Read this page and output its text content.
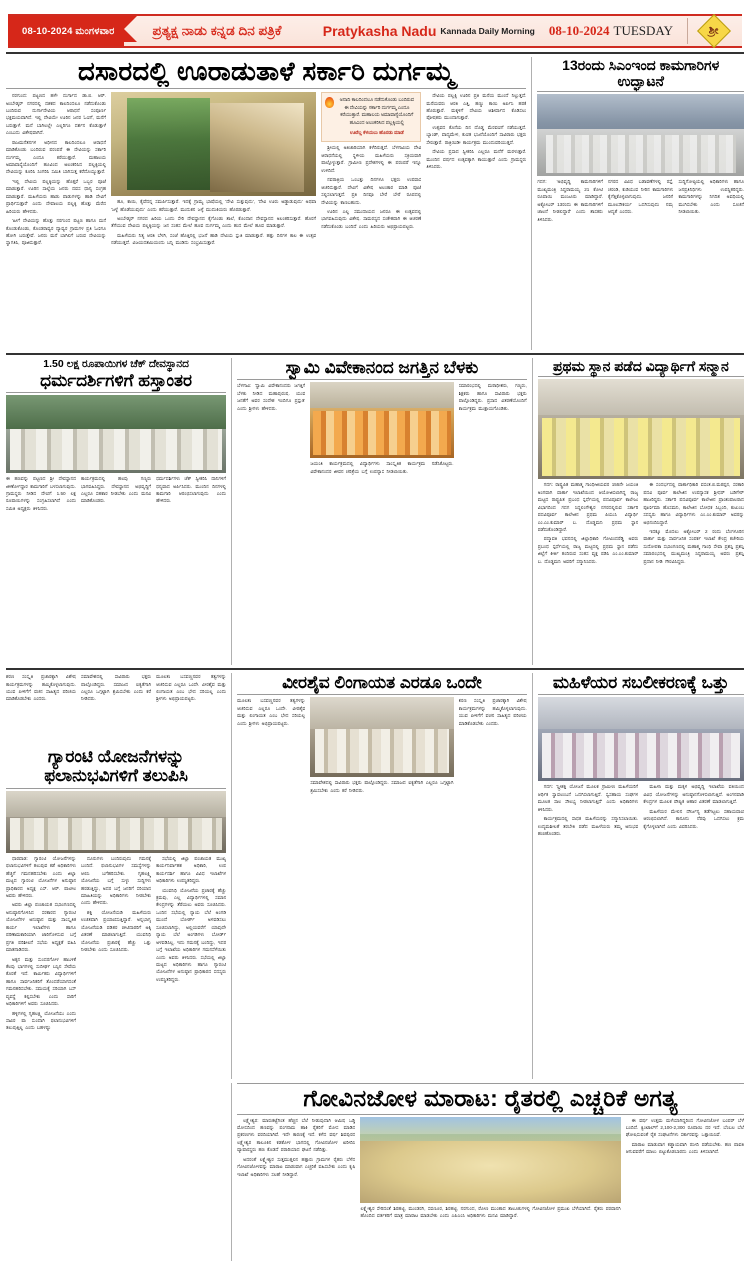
08-10-2024 ಮಂಗಳವಾರ	ಪ್ರತ್ಯಕ್ಷ ನಾಡು ಕನ್ನಡ ದಿನ ಪತ್ರಿಕೆ	Pratykasha Nadu Kannada Daily Morning 08-10-2024 TUESDAY	ಶ್ರೀ
ದಸಾರದಲ್ಲಿ ಊರಾಡುತಾಳೆ ಸರ್ಕಾರಿ ದುರ್ಗಮ್ಮ

ನರಗುಂದ: ಪಟ್ಟಣದ ಹಳೇ ದುರ್ಗಾದ ಡಾ.ಬಿ. ಆರ್. ಅಂಬೇಡ್ಕರ್ ನಗರದಲ್ಲಿ ದಶಕದ ಕಾಲದಿಂದಲೂ ನಡೆದುಕೊಂಡು ಬಂದಿರುವ ದುರ್ಗಾದೇವಿಯ ಆರಾಧನೆ ಸಂಪೂರ್ಣ ಭಕ್ತಿಮಯವಾಗಿದೆ. ಇಲ್ಲಿ ದೇವಿಯೇ ಊರಿನ ಜನರ ಓಣಿಗೆ, ಮನೆಗೆ ಬರುತ್ತಾಳೆ. ಮನೆ ಬಾಗಿಲಲ್ಲೇ ಎಲ್ಲರಿಗೂ ದರ್ಶನ ಕೊಡುತ್ತಾಳೆ ಎಂಬುದು ವಿಶೇಷವಾಗಿದೆ.

ರಾಜಮನೆತನಗಳ ಅಧೀನದ ಕಾಲದಿಂದಲೂ ಆರಾಧನೆ ಮಾಡಿಕೊಂಡು ಬಂದಿರುವ ಪರಂಪರೆ ಈ ದೇವಿಯನ್ನು ಸರ್ಕಾರಿ ದುರ್ಗಮ್ಮ ಎಂದೂ ಕರೆಯುತ್ತಾರೆ. ಮಹಾಲಯ ಅಮಾವಾಸ್ಯೆಯೊಂದಿಗೆ ಹೂವಿಂದ ಅಲಂಕರಿಸಿದ ಪಲ್ಲಕ್ಕಿಯಲ್ಲಿ ದೇವಿಯನ್ನು ಕೂರಿಸಿ ಸಿಂಗರಿಸಿ ಸಮಿತಿ ಬಾಗಿಸುತ್ತ ಕರೆದೊಯ್ಯುತ್ತಾರೆ.

'ಇಲ್ಲಿ ದೇವಿಯ ಪಲ್ಲಕ್ಕಿಯನ್ನು ಹೊತ್ತರೆ ಒಬ್ಬರ ಪೂಜೆ ಮಾಡುತ್ತಾರೆ. ಊರಿನ ಸಾಲ್ಲೆಯ ಜನರು ದವಸ ಧಾನ್ಯ ಸಂಗ್ರಹ ಮಾಡುತ್ತಾರೆ. ಮಹಿಳೆಯರು ಹಾಡು ಪಾಡುಗಳನ್ನು ಹಾಡಿ ದೇವಿಗೆ ಪ್ರಾರ್ಥಿಸುತ್ತಾರೆ' ಎಂದು ದೇವಾಲಯ ಪಲ್ಲಕ್ಕಿ ಹೊತ್ತು ಮೆರೆದ ಹಿರಿಯರು ಹೇಳಿದರು.

'ಹೀಗೆ ದೇವಿಯನ್ನು ಹೊತ್ತು ನರಗುಂದ ಪಟ್ಟಣ ಹಾಗೂ ಮನೆ ಕೊಂಡುಕೊಂಡು, ಕೊಂಡರಾವ್ವರ ದ್ಯಾವ್ವರ ಗ್ರಾಮಗಳ ಪ್ರತಿ ಓಣಿಗೂ ಹೋಗಿ ಬರುತ್ತೇವೆ. ಜನರು ಮನೆ ಬಾಗಿಲಿಗೆ ಬರುವ ದೇವಿಯನ್ನು ಸ್ವಾಗತಿಸಿ, ಪೂಜಿಸುತ್ತಾರೆ.

ಹೂ, ಕಾಯಿ, ಕೈವೆದನ್ನ ಸಮರ್ಪಿಸುತ್ತಾರೆ. ಇದಕ್ಕೆ ಗ್ರಾಮ್ಯ ಭಾಷೆಯಲ್ಲಿ 'ದೇವಿ ಸುತ್ತುವುದು', 'ದೇವಿ ಊರು ಅಡ್ಡಾಡುವುದು' ಅಥವಾ 'ಜಳ್ಳೆ ಹೊಡೆಯುವುದು' ಎಂದು ಕರೆಯುತ್ತಾರೆ. ಮುದುಕನ ಜಳ್ಳೆ ಮುದುಕಿಯರು ಹೊರಡುತ್ತಾರೆ.

ಅಂಬೇಡ್ಕರ್ ನಗರದ ಹಿರಿಯ ಒಂದು ಸೇರಿ ದೇವಸ್ಥಾನದ ಕೈಗೊಂಡು ಶಾಲೆ, ಕೊಂದಾನ ದೇವಸ್ಥಾನದ ಅಲಂಕರಿಸುತ್ತಾರೆ. ಹೊರಗೆ ತೆಗೆಯುವ ದೇವಿಯ ಪಲ್ಲಕ್ಕಿಯನ್ನು ಜನ ಸಂತಸ ಮೇಲೆ ಹೂವ ದುರ್ಗಮ್ಮ ಎಂದು ಹುದ ಮೇಲೆ ಹೂವ ಮಾಡುತ್ತಾರೆ.

ಮಹಿಳೆಯರು ನಿತ್ಯ ಆರತಿ ಬೆಳಗಿ, ಸಂಜೆ ಹೊತ್ತಿನಲ್ಲಿ ಭಜನೆ ಹಾಡಿ ದೇವಿಯ ಸ್ತುತಿ ಮಾಡುತ್ತಾರೆ. ಹತ್ತು ದಿನಗಳ ಕಾಲ ಈ ಉತ್ಸವ ನಡೆಯುತ್ತದೆ. ವಿಜಯದಶಮಿಯಂದು ಬನ್ನಿ ಮುಡಿದು ಸಂಭ್ರಮಿಸುತ್ತಾರೆ.

ಅನಾದಿ ಕಾಲದಿಂದಲೂ ನಡೆದುಕೊಂಡು ಬಂದಿರುವ ಈ ದೇವಿಯನ್ನು ಸರ್ಕಾರಿ ದುರ್ಗಮ್ಮ ಎಂದೂ ಕರೆಯುತ್ತಾರೆ. ಮಹಾಲಯ ಅಮಾವಾಸ್ಯೆಯೊಂದಿಗೆ ಹೂವಿಂದ ಅಲಂಕರಿಸಿದ ಪಲ್ಲಕ್ಕಿಯಲ್ಲಿ
ಊರೆಲ್ಲ ಕೆಳಯಲು ಹೊರಡು ಮಾಡೆ

ಶ್ರೀಯಲ್ಲಿ ಅತಿಚಾರಿಯಾಗಿ ಕಳೆದಿರುತ್ತದೆ. ಬೆಳಗಾವಿಯ ದೇವಿ ಆರಾಧನೆಯಲ್ಲಿ ಸ್ಥಳೀಯ ಮಹಿಳೆಯರು ಸಕ್ರಿಯವಾಗಿ ಪಾಲ್ಗೊಳ್ಳುತ್ತಾರೆ. ಗ್ರಾಮೀಣ ಪ್ರದೇಶಗಳಲ್ಲಿ ಈ ಪರಂಪರೆ ಇನ್ನೂ ಉಳಿದಿದೆ.

ನವರಾತ್ರಿಯ ಒಂಬತ್ತು ದಿನಗಳೂ ಭಕ್ತರು ಉಪವಾಸ ಆಚರಿಸುತ್ತಾರೆ. ದೇವಿಗೆ ವಿಶೇಷ ಅಲಂಕಾರ ಮಾಡಿ ಪೂಜೆ ಸಲ್ಲಿಸಲಾಗುತ್ತದೆ. ಪ್ರತಿ ದಿನವೂ ಬೇರೆ ಬೇರೆ ರೂಪದಲ್ಲಿ ದೇವಿಯನ್ನು ಕಾಣಬಹುದು.

ಊರಿನ ಎಲ್ಲ ಸಮುದಾಯದ ಜನರೂ ಈ ಉತ್ಸವದಲ್ಲಿ ಭಾಗವಹಿಸುವುದು ವಿಶೇಷ. ಸಾಮರಸ್ಯದ ಸಂಕೇತವಾಗಿ ಈ ಆಚರಣೆ ನಡೆದುಕೊಂಡು ಬಂದಿದೆ ಎಂದು ಹಿರಿಯರು ಅಭಿಪ್ರಾಯಪಟ್ಟರು.

ದೇವಿಯ ಪಲ್ಲಕ್ಕಿ ಊರಿನ ಪ್ರತಿ ಮನೆಯ ಮುಂದೆ ನಿಲ್ಲುತ್ತದೆ. ಮನೆಯವರು ಆರತಿ ಎತ್ತಿ, ಹಣ್ಣು ಕಾಯಿ ಅರ್ಪಿಸಿ ಹರಕೆ ಹೊರುತ್ತಾರೆ. ಮಕ್ಕಳಿಗೆ ದೇವಿಯ ಆಶೀರ್ವಾದ ಕೊಡಿಸಲು ಪೋಷಕರು ಮುಂದಾಗುತ್ತಾರೆ.

ಉತ್ಸವದ ಕೊನೆಯ ದಿನ ದೊಡ್ಡ ಮೆರವಣಿಗೆ ನಡೆಯುತ್ತದೆ. ಬ್ಯಾಂಡ್, ವಾದ್ಯಮೇಳ, ಕುಣಿತ ಭಜನೆಯೊಂದಿಗೆ ಸಾವಿರಾರು ಭಕ್ತರು ಸೇರುತ್ತಾರೆ. ರಾತ್ರಿಯಿಡೀ ಕಾರ್ಯಕ್ರಮ ಮುಂದುವರಿಯುತ್ತದೆ.

ದೇವಿಯ ಪ್ರಸಾದ ಸ್ವೀಕರಿಸಿ ಎಲ್ಲರೂ ಮನೆಗೆ ಮರಳುತ್ತಾರೆ. ಮುಂದಿನ ವರ್ಷದ ಉತ್ಸವಕ್ಕಾಗಿ ಕಾಯುತ್ತಾರೆ ಎಂದು ಗ್ರಾಮಸ್ಥರು ತಿಳಿಸಿದರು.

13ರಂದು ಸಿಎಂಇಂದ ಕಾಮಗಾರಿಗಳ ಉದ್ಘಾಟನೆ
ಗದಗ: 'ಅಭಿವೃದ್ಧಿ ಕಾಮಗಾರಿಗಳಿಗೆ ಮುಖ್ಯಮಂತ್ರಿ ಸಿದ್ದರಾಮಯ್ಯ 21 ಕೋಟಿ ರೂಪಾಯಿ ಮಂಜೂರು ಮಾಡಿದ್ದಾರೆ. ಅಕ್ಟೋಬರ್ 13ರಂದು ಈ ಕಾಮಗಾರಿಗಳಿಗೆ ಚಾಲನೆ ನೀಡಲಿದ್ದಾರೆ' ಎಂದು ಶಾಸಕರು ತಿಳಿಸಿದರು.
ನಗರದ ವಿವಿಧ ಬಡಾವಣೆಗಳಲ್ಲಿ ರಸ್ತೆ, ಚರಂಡಿ, ಕುಡಿಯುವ ನೀರಿನ ಕಾಮಗಾರಿಗಳು ಕೈಗೆತ್ತಿಕೊಳ್ಳಲಾಗುವುದು. ಜನರಿಗೆ ಮೂಲಸೌಕರ್ಯ ಒದಗಿಸುವುದು ನಮ್ಮ ಆದ್ಯತೆ ಎಂದರು.
ಸುದ್ದಿಗೋಷ್ಠಿಯಲ್ಲಿ ಅಧಿಕಾರಿಗಳು ಹಾಗೂ ಜನಪ್ರತಿನಿಧಿಗಳು ಉಪಸ್ಥಿತರಿದ್ದರು. ಕಾಮಗಾರಿಗಳನ್ನು ನಿಗದಿತ ಅವಧಿಯಲ್ಲಿ ಮುಗಿಸಬೇಕು ಎಂದು ಸೂಚನೆ ನೀಡಲಾಯಿತು.
1.50 ಲಕ್ಷ ರೂಪಾಯಿಗಳ ಚೆಕ್ ದೇವಸ್ಥಾನದ
ಧರ್ಮದರ್ಶಿಗಳಿಗೆ ಹಸ್ತಾಂತರ
ಈ ಹಣವನ್ನು ಪಟ್ಟಣದ ಶ್ರೀ ದೇವಸ್ಥಾನದ ಜೀರ್ಣೋದ್ಧಾರ ಕಾಮಗಾರಿಗೆ ಬಳಸಲಾಗುವುದು. ಗ್ರಾಮಸ್ಥರು ನೀಡಿದ ದೇಣಿಗೆ 1.50 ಲಕ್ಷ ರೂಪಾಯಿಗಳನ್ನು ಸಂಗ್ರಹಿಸಲಾಗಿದೆ ಎಂದು ಸಮಿತಿ ಅಧ್ಯಕ್ಷರು ತಿಳಿಸಿದರು.
ಕಾರ್ಯಕ್ರಮದಲ್ಲಿ ಹಲವು ಗಣ್ಯರು ಭಾಗವಹಿಸಿದ್ದರು. ದೇವಸ್ಥಾನದ ಅಭಿವೃದ್ಧಿಗೆ ಎಲ್ಲರೂ ಸಹಕಾರ ನೀಡಬೇಕು ಎಂದು ಮನವಿ ಮಾಡಿಕೊಂಡರು.
ಧರ್ಮದರ್ಶಿಗಳು ಚೆಕ್ ಸ್ವೀಕರಿಸಿ ದಾನಿಗಳಿಗೆ ಧನ್ಯವಾದ ಅರ್ಪಿಸಿದರು. ಮುಂದಿನ ದಿನಗಳಲ್ಲಿ ಕಾಮಗಾರಿ ಆರಂಭಿಸಲಾಗುವುದು ಎಂದು ಹೇಳಿದರು.
ಸ್ವಾಮಿ ವಿವೇಕಾನಂದ ಜಗತ್ತಿನ ಬೆಳಕು
ಬೆಳಗಾವಿ: 'ಸ್ವಾಮಿ ವಿವೇಕಾನಂದರು ಜಗತ್ತಿಗೆ ಬೆಳಕು ನೀಡಿದ ಮಹಾಪುರುಷ. ಯುವ ಜನತೆಗೆ ಅವರ ಸಂದೇಶ ಇಂದಿಗೂ ಪ್ರಸ್ತುತ' ಎಂದು ಶ್ರೀಗಳು ಹೇಳಿದರು.
ಜಯಂತಿ ಕಾರ್ಯಕ್ರಮದಲ್ಲಿ ವಿದ್ಯಾರ್ಥಿಗಳು ಸಾಂಸ್ಕೃತಿಕ ಕಾರ್ಯಕ್ರಮ ನಡೆಸಿಕೊಟ್ಟರು. ವಿವೇಕಾನಂದರ ಜೀವನ ಚರಿತ್ರೆಯ ಬಗ್ಗೆ ಉಪನ್ಯಾಸ ನೀಡಲಾಯಿತು.
ಸಮಾರಂಭದಲ್ಲಿ ಮಠಾಧೀಶರು, ಗಣ್ಯರು, ಶಿಕ್ಷಕರು ಹಾಗೂ ಸಾವಿರಾರು ಭಕ್ತರು ಪಾಲ್ಗೊಂಡಿದ್ದರು. ಪ್ರಸಾದ ವಿತರಣೆಯೊಂದಿಗೆ ಕಾರ್ಯಕ್ರಮ ಮುಕ್ತಾಯಗೊಂಡಿತು.
ಪ್ರಥಮ ಸ್ಥಾನ ಪಡೆದ ವಿದ್ಯಾರ್ಥಿಗೆ ಸನ್ಮಾನ

ಗದಗ: ರಾಷ್ಟ್ರಪಿತ ಮಹಾತ್ಮ ಗಾಂಧೀಜಿಯವರ 155ನೇ ಜಯಂತಿ ಅಂಗವಾಗಿ ವಾರ್ತಾ ಇಲಾಖೆಯಿಂದ ಆಯೋಜಿಸಲಾಗಿದ್ದ ರಾಜ್ಯ ಮಟ್ಟದ ರಾಷ್ಟ್ರಪಿತ ಪ್ರಬಂಧ ಸ್ಪರ್ಧೆಯಲ್ಲಿ ಪದವಿಪೂರ್ವ ಕಾಲೇಜು ವಿಭಾಗದಿಂದ ಗದಗ ಸಿದ್ದಲಿಂಗೇಶ್ವರ ನಗರದಲ್ಲಿರುವ ಸರ್ಕಾರಿ ಪದವಿಪೂರ್ವ ಕಾಲೇಜಿನ ಪ್ರಥಮ ಪಿಯುಸಿ ವಿದ್ಯಾರ್ಥಿ ಎಂ.ಎಂ.ಕುಮಾರ್ ಬ. ದೊಡ್ಡಮನಿ ಪ್ರಥಮ ಸ್ಥಾನ ಪಡೆದುಕೊಂಡಿದ್ದಾರೆ.

ಪದ್ಮಾವತಿ ಭವನದಲ್ಲಿ ಜಿಲ್ಲಾಧಿಕಾರಿ ಗೋವಿಂದರೆಡ್ಡಿ ಅವರು ಪ್ರಬಂಧ ಸ್ಪರ್ಧೆಯಲ್ಲಿ ರಾಜ್ಯ ಮಟ್ಟದಲ್ಲಿ ಪ್ರಥಮ ಸ್ಥಾನ ಪಡೆದು ಜಿಲ್ಲೆಗೆ ಕೀರ್ತಿ ತಂದಿರುವ ಸಂತಸ ವ್ಯಕ್ತ ಪಡಿಸಿ ಎಂ.ಎಂ.ಕುಮಾರ್ ಬ. ದೊಡ್ಡಮನಿ ಅವರಿಗೆ ಸನ್ಮಾನಿಸಿದರು.

ಈ ಸಂದರ್ಭದಲ್ಲಿ ವಾರ್ತಾಧಿಕಾರಿ ವಸಂತ.ಬಿ.ಮಠಪ್ಪನ, ಸರಕಾರಿ ಪದವಿ ಪೂರ್ವ ಕಾಲೇಜಿನ ಉಪನ್ಯಾಸಕ ಶ್ರೀಧರ್ ಬಡಿಗೇರ್ ಹಾಜರಿದ್ದರು. ಸರ್ಕಾರಿ ಪದವಿಪೂರ್ವ ಕಾಲೇಜಿನ ಪ್ರಾಂಶುಪಾಲರಾದ ಪೂರ್ಣಿಮಾ ಹೊಸಮನಿ, ಕಾಲೇಜಿನ ಬೋಧಕ ಸಿಬ್ಬಂದಿ, ಕುಟುಂಬ ಸದಸ್ಯರು ಹಾಗೂ ವಿದ್ಯಾರ್ಥಿಗಳು ಎಂ.ಎಂ.ಕುಮಾರ್ ಅವರನ್ನು ಅಭಿನಂದಿಸಿದ್ದಾರೆ.

ಇದಕ್ಕೂ ಮೊದಲು ಅಕ್ಟೋಬರ್ 2 ರಂದು ಬೆಂಗಳೂರಿನ ವಾರ್ತಾ ಮತ್ತು ಸಾರ್ವಜನಿಕ ಸಂಪರ್ಕ ಇಲಾಖೆ ಕೇಂದ್ರ ಕಚೇರಿಯ ಸುದೋಪಕಾ ಸಭಾಂಗಣದಲ್ಲಿ ಮಹಾತ್ಮ ಗಾಂಧಿ ಸೇವಾ ಪ್ರಶಸ್ತಿ ಪ್ರಶಸ್ತಿ ಸಮಾರಂಭದಲ್ಲಿ ಮುಖ್ಯಮಂತ್ರಿ ಸಿದ್ದರಾಮಯ್ಯ ಅವರು ಪ್ರಶಸ್ತಿ ಪ್ರದಾನ ನೀಡಿ ಗೌರವಿಸಿದ್ದರು.

ಶರಣ ಸಂಸ್ಕೃತಿ ಪ್ರಚಾರಕ್ಕಾಗಿ ವಿಶೇಷ ಕಾರ್ಯಕ್ರಮಗಳನ್ನು ಹಮ್ಮಿಕೊಳ್ಳಲಾಗುವುದು. ಯುವ ಪೀಳಿಗೆಗೆ ವಚನ ಸಾಹಿತ್ಯದ ಪರಿಚಯ ಮಾಡಿಕೊಡಬೇಕು ಎಂದರು.
ಸಮಾವೇಶದಲ್ಲಿ ಸಾವಿರಾರು ಭಕ್ತರು ಪಾಲ್ಗೊಂಡಿದ್ದರು. ಸಮಾಜದ ಐಕ್ಯತೆಗಾಗಿ ಎಲ್ಲರೂ ಒಗ್ಗಟ್ಟಾಗಿ ಶ್ರಮಿಸಬೇಕು ಎಂದು ಕರೆ ನೀಡಿದರು.
ಮೂಲತಃ ಬಸವಣ್ಣನವರ ತತ್ವಗಳನ್ನು ಆಚರಿಸುವ ಎಲ್ಲರೂ ಒಂದೇ. ವೀರಶೈವ ಮತ್ತು ಲಿಂಗಾಯತ ಎಂಬ ಭೇದ ಸರಿಯಲ್ಲ ಎಂದು ಶ್ರೀಗಳು ಅಭಿಪ್ರಾಯಪಟ್ಟರು.
ಗ್ಯಾರಂಟಿ ಯೋಜನೆಗಳನ್ನು
ಫಲಾನುಭವಿಗಳಿಗೆ ತಲುಪಿಸಿ

ಧಾರವಾಡ: ಗ್ಯಾರಂಟಿ ಯೋಜನೆಗಳನ್ನು ಫಲಾನುಭವಿಗಳಿಗೆ ತಲುಪುವ ಕಡೆ ಅಧಿಕಾರಿಗಳು ಹೆಚ್ಚಿಗೆ ಗಮನಹರಿಸಬೇಕು ಎಂದು ಜಿಲ್ಲಾ ಮಟ್ಟದ ಗ್ಯಾರಂಟಿ ಯೋಜನೆಗಳ ಅನುಷ್ಠಾನ ಪ್ರಾಧಿಕಾರದ ಅಧ್ಯಕ್ಷ ಎಸ್. ಆರ್. ಪಾಟೀಲ ಅವರು ಹೇಳಿದರು.

ಅವರು ಜಿಲ್ಲಾ ಪಂಚಾಯತ ಸಭಾಂಗಣದಲ್ಲಿ ಅನುಷ್ಠಾನಗೊಳಿಸಿದ ಸರಕಾರದ ಗ್ಯಾರಂಟಿ ಯೋಜನೆಗಳ ಅನುಷ್ಠಾನ ಮತ್ತು ಸಾಂಸ್ಕೃತಿಕ ಕಾರ್ಯ ಇಲಾಖೆಗಳು ಹಾಗೂ ಪರಿಣಾಮಕಾರಿಯಾಗಿ ಜಾರಿಗೊಳಿಸುವ ಬಗ್ಗೆ ಪ್ರಗತಿ ಪರಿಶೀಲನೆ ಸಭೆಯ ಅಧ್ಯಕ್ಷತೆ ವಹಿಸಿ ಮಾತನಾಡಿದರು.

ಅಕ್ಕನ ಮತ್ತು ಸುಂದರಗೋಳ ಹಾಬಳಿಕೆ ಕೆಲವು ಭಾಗಗಳಲ್ಲಿ ಸುದೀರ್ಘ ಬಸ್ಸಿನ ಸೇವೆಯ ಕೊರತೆ ಇದೆ. ಕಾರ್ಮಿಕರು ವಿದ್ಯಾರ್ಥಿಗಳಿಗೆ ಹಾಗೂ ಸಾರ್ವಜನಿಕರಿಗೆ ತೊಂದರೆಯಾಗದಂತೆ ಗಮನಹರಿಸಬೇಕು. ಸಮಯಕ್ಕೆ ಸರಿಯಾಗಿ ಬಸ್ ವ್ಯವಸ್ಥೆ ಕಲ್ಪಿಸಬೇಕು ಎಂದು ಸಾರಿಗೆ ಅಧಿಕಾರಿಗಳಿಗೆ ಅವರು ಸೂಚಿಸಿದರು.

ಹಳ್ಳಿಗಳಲ್ಲಿ ಗೃಹಲಕ್ಷ್ಮಿ ಯೋಜನೆಯು ಎಂದು ಸಾವಿರ ಪಾ ಸುಂದಾಗಿ ಫಲಾನುಭವಿಗಳಿಗೆ ತಲುಪುತ್ತಿಲ್ಲ ಎಂದು ಬಹಳಷ್ಟು

ದೂರುಗಳು ಬಂದಿರುವುದು ಗಮನಕ್ಕೆ ಬಂದಿದೆ. ಫಲಾನುಭವಿಗಳ ಸಮಸ್ಯೆಗಳನ್ನು ಆಲಿಸಿ ಬಗೆಹರಿಸಬೇಕು. ಗೃಹಲಕ್ಷ್ಮಿ ಯೋಜನೆಯ ಬಗ್ಗೆ ಸುಳ್ಳು ಸುದ್ದಿಗಳು ಹರಡುತ್ತಿದ್ದು, ಅದರ ಬಗ್ಗೆ ಜನರಿಗೆ ಸರಿಯಾದ ಮಾಹಿತಿಯನ್ನು ಅಧಿಕಾರಿಗಳು ನೀಡಬೇಕು ಎಂದು ಹೇಳಿದರು.

ಶಕ್ತಿ ಯೋಜನೆಯಡಿ ಮಹಿಳೆಯರು ಉಚಿತವಾಗಿ ಪ್ರಯಾಣಿಸುತ್ತಿದ್ದಾರೆ. ಅನ್ನಭಾಗ್ಯ ಯೋಜನೆಯಡಿ ಪಡಿತರ ಚೀಟಿದಾರರಿಗೆ ಅಕ್ಕಿ ವಿತರಣೆ ಮಾಡಲಾಗುತ್ತಿದೆ. ಯುವನಿಧಿ ಯೋಜನೆಯ ಪ್ರಚಾರಕ್ಕೆ ಹೆಚ್ಚು ಒತ್ತು ನೀಡಬೇಕು ಎಂದು ಸೂಚಿಸಿದರು.

ಸಭೆಯಲ್ಲಿ ಜಿಲ್ಲಾ ಪಂಚಾಯತ ಮುಖ್ಯ ಕಾರ್ಯನಿರ್ವಾಹಕ ಅಧಿಕಾರಿ, ಉಪ ಕಾರ್ಯದರ್ಶಿ ಹಾಗೂ ವಿವಿಧ ಇಲಾಖೆಗಳ ಅಧಿಕಾರಿಗಳು ಉಪಸ್ಥಿತರಿದ್ದರು.

ಯುವನಿಧಿ ಯೋಜನೆಯ ಪ್ರಚಾರಕ್ಕೆ ಹೆಚ್ಚು ಕ್ರಮವು, ಎಲ್ಲ ವಿದ್ಯಾರ್ಥಿಗಳಲ್ಲಿ ಸಮಾನ ಕೇಂದ್ರಗಳನ್ನು ತೆರೆಯಲು ಅವರು ಸೂಚಿಸಿದರು. ಒಂದಿನ ಸಭೆಯಲ್ಲಿ ನ್ಯಾಯ ಬೆಲೆ ಅಂಗಡಿ ಮುಂದೆ ಬೋರ್ಡ್ ಅಳವಡಿಸಲು ಸೂಚಿಸಲಾಗಿದ್ದು, ಅಲ್ಲಿಯವರೆಗೆ ಯಾವುದೇ ನ್ಯಾಯ ಬೆಲೆ ಅಂಗಡಿಗಳು ಬೋರ್ಡ್ ಅಳವಡಿಸಿಲ್ಲ. ಇದು ಗಮನಕ್ಕೆ ಬಂದಿದ್ದು, ಇದರ ಬಗ್ಗೆ ಇಲಾಖೆಯ ಅಧಿಕಾರಿಗಳ ಗಮನಸೆಳೆಯಿತು ಎಂದು ಅವರು ತಿಳಿಸಿದರು. ಸಭೆಯಲ್ಲಿ ಜಿಲ್ಲಾ ಮಟ್ಟದ ಅಧಿಕಾರಿಗಳು ಹಾಗೂ ಗ್ಯಾರಂಟಿ ಯೋಜನೆಗಳ ಅನುಷ್ಠಾನ ಪ್ರಾಧಿಕಾರದ ಸದಸ್ಯರು ಉಪಸ್ಥಿತರಿದ್ದರು.

ವೀರಶೈವ ಲಿಂಗಾಯತ ಎರಡೂ ಒಂದೇ
ಮೂಲತಃ ಬಸವಣ್ಣನವರ ತತ್ವಗಳನ್ನು ಆಚರಿಸುವ ಎಲ್ಲರೂ ಒಂದೇ. ವೀರಶೈವ ಮತ್ತು ಲಿಂಗಾಯತ ಎಂಬ ಭೇದ ಸರಿಯಲ್ಲ ಎಂದು ಶ್ರೀಗಳು ಅಭಿಪ್ರಾಯಪಟ್ಟರು.
ಸಮಾವೇಶದಲ್ಲಿ ಸಾವಿರಾರು ಭಕ್ತರು ಪಾಲ್ಗೊಂಡಿದ್ದರು. ಸಮಾಜದ ಐಕ್ಯತೆಗಾಗಿ ಎಲ್ಲರೂ ಒಗ್ಗಟ್ಟಾಗಿ ಶ್ರಮಿಸಬೇಕು ಎಂದು ಕರೆ ನೀಡಿದರು.
ಶರಣ ಸಂಸ್ಕೃತಿ ಪ್ರಚಾರಕ್ಕಾಗಿ ವಿಶೇಷ ಕಾರ್ಯಕ್ರಮಗಳನ್ನು ಹಮ್ಮಿಕೊಳ್ಳಲಾಗುವುದು. ಯುವ ಪೀಳಿಗೆಗೆ ವಚನ ಸಾಹಿತ್ಯದ ಪರಿಚಯ ಮಾಡಿಕೊಡಬೇಕು ಎಂದರು.
ಮಹಿಳೆಯರ ಸಬಲೀಕರಣಕ್ಕೆ ಒತ್ತು

ಗದಗ: 'ಸ್ತ್ರೀಶಕ್ತಿ ಯೋಜನೆ ಮೂಲಕ ಗ್ರಾಮೀಣ ಮಹಿಳೆಯರಿಗೆ ಆರ್ಥಿಕ ಸ್ವಾವಲಂಬನೆ ಒದಗಿಸಲಾಗುತ್ತಿದೆ. ಸ್ವಸಹಾಯ ಸಂಘಗಳ ಮೂಲಕ ಸಾಲ ಸೌಲಭ್ಯ ನೀಡಲಾಗುತ್ತಿದೆ' ಎಂದು ಅಧಿಕಾರಿಗಳು ತಿಳಿಸಿದರು.

ಕಾರ್ಯಕ್ರಮದಲ್ಲಿ ಸಾಧಕ ಮಹಿಳೆಯರನ್ನು ಸನ್ಮಾನಿಸಲಾಯಿತು. ಉದ್ಯಮಶೀಲತೆ ತರಬೇತಿ ಪಡೆದ ಮಹಿಳೆಯರು ತಮ್ಮ ಅನುಭವ ಹಂಚಿಕೊಂಡರು.

ಮಹಿಳಾ ಮತ್ತು ಮಕ್ಕಳ ಅಭಿವೃದ್ಧಿ ಇಲಾಖೆಯ ವತಿಯಿಂದ ವಿವಿಧ ಯೋಜನೆಗಳನ್ನು ಅನುಷ್ಠಾನಗೊಳಿಸಲಾಗುತ್ತಿದೆ. ಅಂಗನವಾಡಿ ಕೇಂದ್ರಗಳ ಮೂಲಕ ಪೌಷ್ಟಿಕ ಆಹಾರ ವಿತರಣೆ ಮಾಡಲಾಗುತ್ತಿದೆ.

ಮಹಿಳೆಯರ ಮೇಲಿನ ದೌರ್ಜನ್ಯ ತಡೆಗಟ್ಟಲು ಸಹಾಯವಾಣಿ ಆರಂಭಿಸಲಾಗಿದೆ. ಕಾನೂನು ನೆರವು ಒದಗಿಸಲು ಕ್ರಮ ಕೈಗೊಳ್ಳಲಾಗಿದೆ ಎಂದು ವಿವರಿಸಿದರು.

ಗೋವಿನಜೋಳ ಮಾರಾಟ: ರೈತರಲ್ಲಿ ಎಚ್ಚರಿಕೆ ಅಗತ್ಯ

ಲಕ್ಷ್ಮೇಶ್ವರ: ಮಾರುಕಟ್ಟೆಗಿಂತ ಹೆಚ್ಚಿನ ಬೆಲೆ ನೀಡುವುದಾಗಿ ಆಮಿಷ ಒಡ್ಡಿ ಮೋಸದಿಂದ ಹಣವನ್ನು ಪಂಗನಾಮ ಹಾಕಿ ರೈತರಿಗೆ ಮೋಸ ಮಾಡಿದ ಪ್ರಕರಣಗಳು ವರದಿಯಾಗಿವೆ. ಇದೇ ಕಾರಣಕ್ಕೆ ಇದೆ. ಕಳೆದ ವರ್ಷ ಶಿವಪುರದ ಲಕ್ಷ್ಮೇಶ್ವರ ತಾಲೂಕಿನ ಕಡಕೋಳ ಭಾಗದಲ್ಲಿ ಗೋವಿನಜೋಳ ಖರೀದಿಸಿ ವ್ಯಾಪಾರಸ್ಥರು ಹಣ ಕೊಡದೆ ಪರಾರಿಯಾದ ಘಟನೆ ನಡೆದಿತ್ತು.

ಅದರಂತೆ ಲಕ್ಷ್ಮೇಶ್ವರ ಸುತ್ತಮುತ್ತಲಿನ ಹತ್ತಾರು ಗ್ರಾಮಗಳ ರೈತರು ಬೆಳೆದ ಗೋವಿನಜೋಳವನ್ನು ಮಾರಾಟ ಮಾಡುವಾಗ ಎಚ್ಚರಿಕೆ ವಹಿಸಬೇಕು ಎಂದು ಕೃಷಿ ಇಲಾಖೆ ಅಧಿಕಾರಿಗಳು ಸಲಹೆ ನೀಡಿದ್ದಾರೆ.

ಲಕ್ಷ್ಮೇಶ್ವರ ಸೇರಿದಂತೆ ಶಿರಹಟ್ಟಿ, ಮುಂಡರಗಿ, ಸವಣೂರ, ಶಿರಹಟ್ಟಿ, ನರಗುಂದ, ರೋಣ ಮುಂತಾದ ತಾಲೂಕುಗಳಲ್ಲಿ ಗೋವಿನಜೋಳ ಪ್ರಮುಖ ಬೆಳೆಯಾಗಿದೆ. ರೈತರು ಪರವಾನಗಿ ಹೊಂದಿದ ವರ್ತಕರಿಗೆ ಮಾತ್ರ ಮಾರಾಟ ಮಾಡಬೇಕು ಎಂದು ಎಪಿಎಂಸಿ ಅಧಿಕಾರಿಗಳು ಮನವಿ ಮಾಡಿದ್ದಾರೆ.

ಈ ವರ್ಷ ಉತ್ತಮ ಮಳೆಯಾಗಿದ್ದರಿಂದ ಗೋವಿನಜೋಳ ಬಂಪರ್ ಬೆಳೆ ಬಂದಿದೆ. ಕ್ವಿಂಟಾಲ್‌ಗೆ 2,100-2,300 ರೂಪಾಯಿ ದರ ಇದೆ. ಬೆಂಬಲ ಬೆಲೆ ಘೋಷಿಸುವಂತೆ ರೈತ ಸಂಘಟನೆಗಳು ಸರ್ಕಾರವನ್ನು ಒತ್ತಾಯಿಸಿವೆ.

ಮಾರಾಟ ಮಾಡುವಾಗ ಕಡ್ಡಾಯವಾಗಿ ರಸೀದಿ ಪಡೆಯಬೇಕು. ಹಣ ಪಾವತಿ ಆಗುವವರೆಗೆ ಮಾಲು ಬಿಟ್ಟುಕೊಡಬಾರದು ಎಂದು ತಿಳಿಸಲಾಗಿದೆ.
